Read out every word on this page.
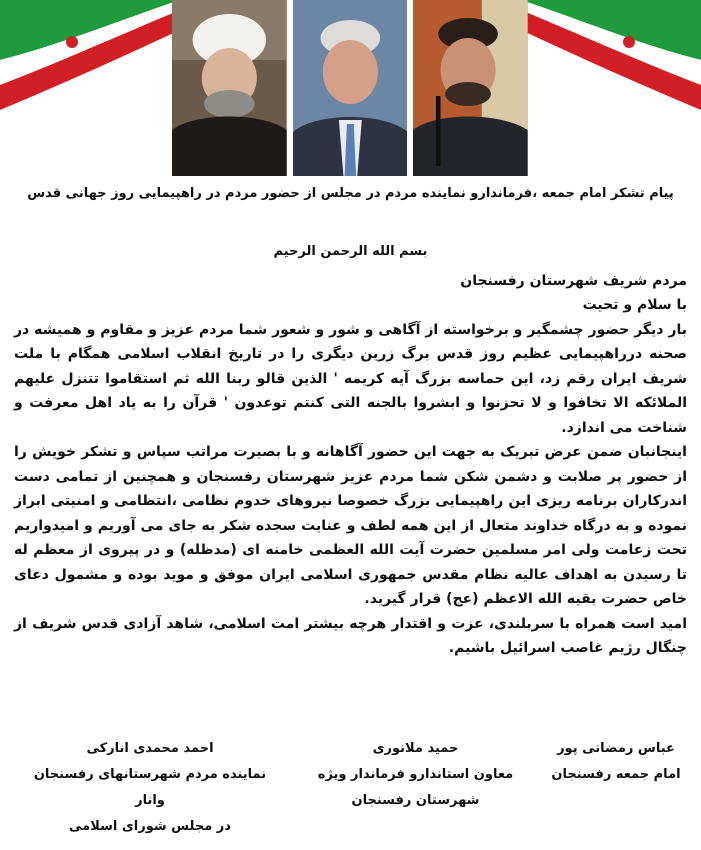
پیام تشکر امام جمعه ،فرماندارو نماینده مردم در مجلس از حضور مردم در راهپیمایی روز جهانی قدس
بسم الله الرحمن الرحیم

مردم شریف شهرستان رفسنجان

با سلام و تحیت

بار دیگر حضور چشمگیر و برخواسته از آگاهی و شور و شعور شما مردم عزیز و مقاوم و همیشه در صحنه درراهپیمایی عظیم روز قدس برگ زرین دیگری را در تاریخ انقلاب اسلامی همگام با ملت شریف ایران رقم زد، این حماسه بزرگ آیه کریمه ' الذین قالو ربنا الله ثم استقاموا تتنزل علیهم الملائکه الا تخافوا و لا تحزنوا و ابشروا بالجنه التی کنتم توعدون ' قرآن را به یاد اهل معرفت و شناخت می اندازد.

اینجانبان ضمن عرض تبریک به جهت این حضور آگاهانه و با بصیرت مراتب سپاس و تشکر خویش را از حضور پر صلابت و دشمن شکن شما مردم عزیز شهرستان رفسنجان و همچنین از تمامی دست اندرکاران برنامه ریزی این راهپیمایی بزرگ خصوصا نیروهای خدوم نظامی ،انتظامی و امنیتی ابراز نموده و به درگاه خداوند متعال از این همه لطف و عنایت سجده شکر به جای می آوریم و امیدواریم تحت زعامت ولی امر مسلمین حضرت آیت الله العظمی خامنه ای (مدظله) و در پیروی از معظم له تا رسیدن به اهداف عالیه نظام مقدس جمهوری اسلامی ایران موفق و موید بوده و مشمول دعای خاص حضرت بقیه الله الاعظم (عج) قرار گیرید.

امید است همراه با سربلندی، عزت و اقتدار هرچه بیشتر امت اسلامی، شاهد آزادی قدس شریف از چنگال رژیم غاصب اسرائیل باشیم.

عباس رمضانی پور
امام جمعه رفسنجان
حمید ملانوری
معاون استاندارو فرماندار ویژه
شهرستان رفسنجان
احمد محمدی انارکی
نماینده مردم شهرستانهای رفسنجان وانار
در مجلس شورای اسلامی
